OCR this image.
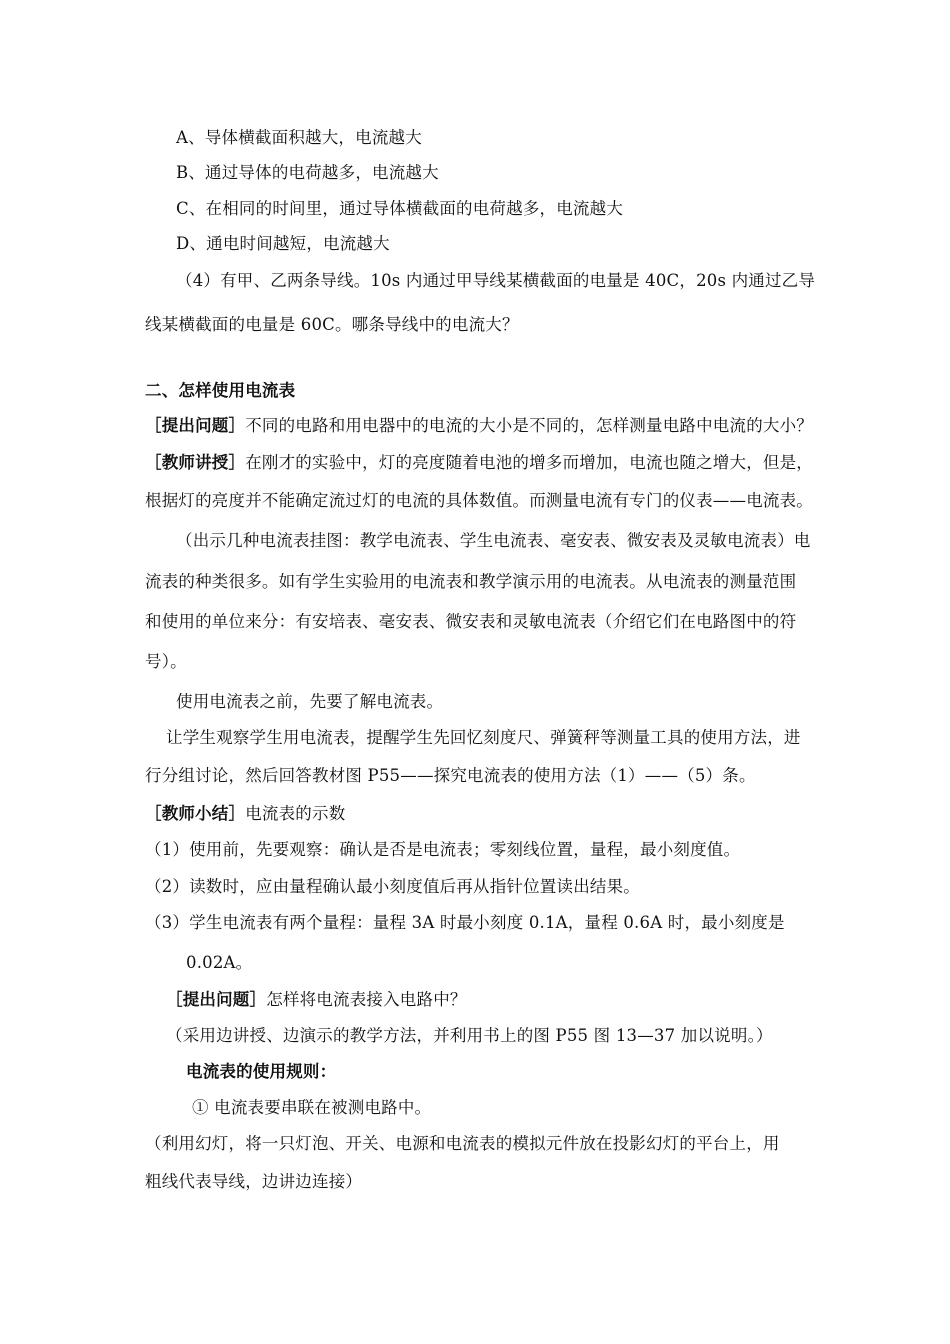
A、导体横截面积越大，电流越大
B、通过导体的电荷越多，电流越大
C、在相同的时间里，通过导体横截面的电荷越多，电流越大
D、通电时间越短，电流越大
（4）有甲、乙两条导线。10s 内通过甲导线某横截面的电量是 40C，20s 内通过乙导
线某横截面的电量是 60C。哪条导线中的电流大？
二、怎样使用电流表
［提出问题］不同的电路和用电器中的电流的大小是不同的，怎样测量电路中电流的大小？
［教师讲授］在刚才的实验中，灯的亮度随着电池的增多而增加，电流也随之增大，但是，
根据灯的亮度并不能确定流过灯的电流的具体数值。而测量电流有专门的仪表——电流表。
（出示几种电流表挂图：教学电流表、学生电流表、毫安表、微安表及灵敏电流表）电
流表的种类很多。如有学生实验用的电流表和教学演示用的电流表。从电流表的测量范围
和使用的单位来分：有安培表、毫安表、微安表和灵敏电流表（介绍它们在电路图中的符
号）。
使用电流表之前，先要了解电流表。
让学生观察学生用电流表，提醒学生先回忆刻度尺、弹簧秤等测量工具的使用方法，进
行分组讨论，然后回答教材图 P55——探究电流表的使用方法（1）——（5）条。
［教师小结］电流表的示数
（1）使用前，先要观察：确认是否是电流表；零刻线位置，量程，最小刻度值。
（2）读数时，应由量程确认最小刻度值后再从指针位置读出结果。
（3）学生电流表有两个量程：量程 3A 时最小刻度 0.1A，量程 0.6A 时，最小刻度是
0.02A。
［提出问题］怎样将电流表接入电路中？
（采用边讲授、边演示的教学方法，并利用书上的图 P55 图 13—37 加以说明。）
电流表的使用规则：
① 电流表要串联在被测电路中。
（利用幻灯，将一只灯泡、开关、电源和电流表的模拟元件放在投影幻灯的平台上，用
粗线代表导线，边讲边连接）
